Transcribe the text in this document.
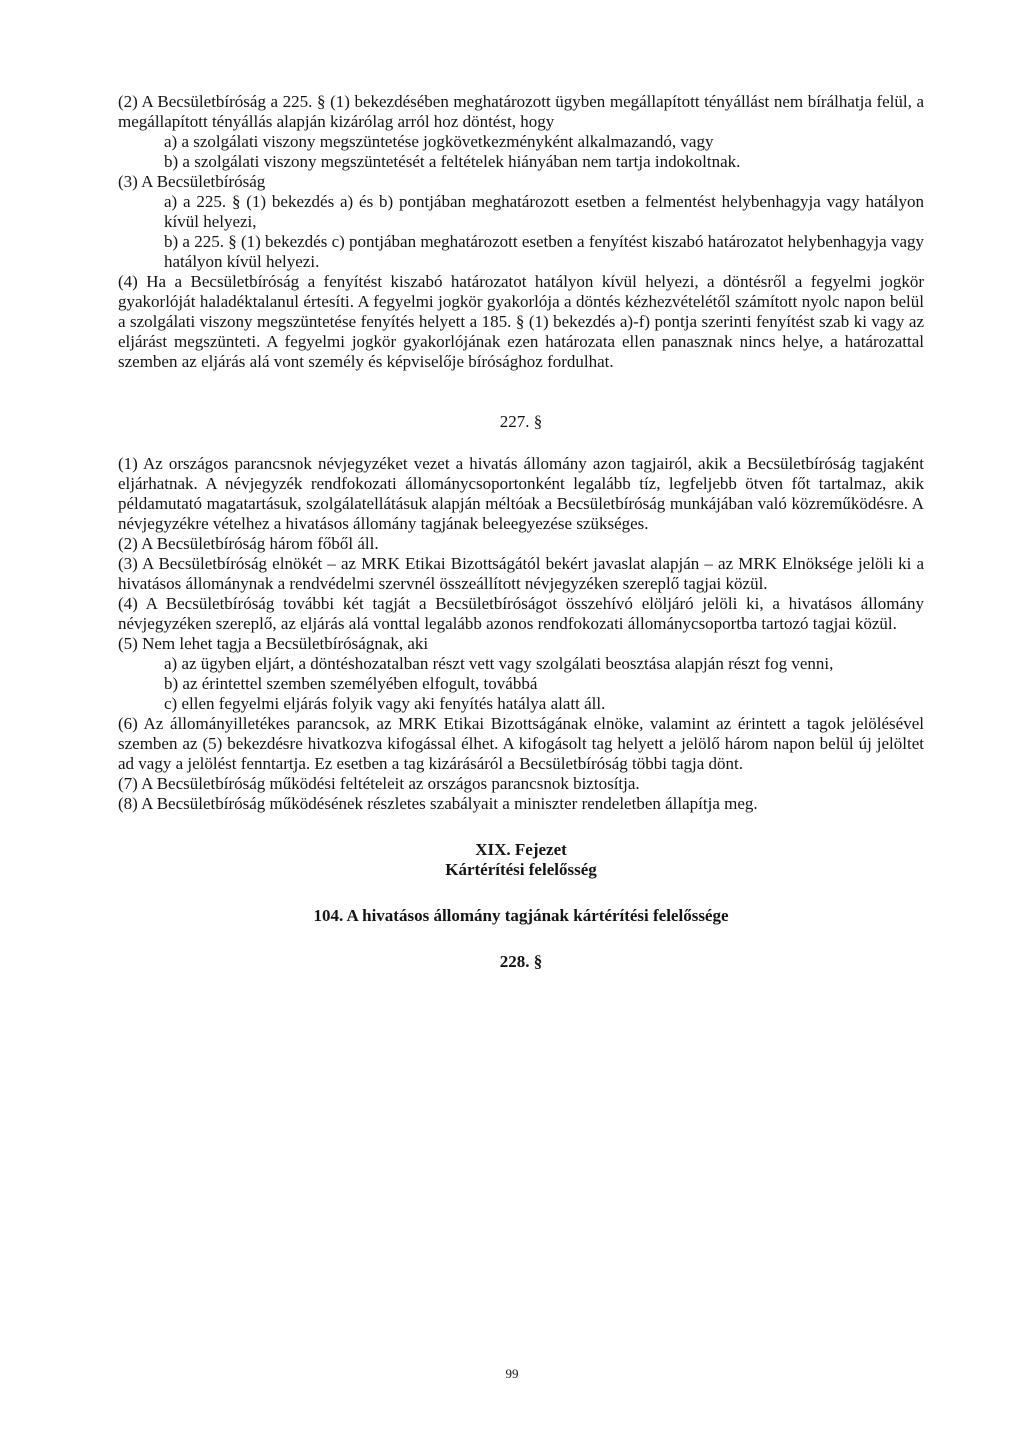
(2) A Becsületbíróság a 225. § (1) bekezdésében meghatározott ügyben megállapított tényállást nem bírálhatja felül, a megállapított tényállás alapján kizárólag arról hoz döntést, hogy

a) a szolgálati viszony megszüntetése jogkövetkezményként alkalmazandó, vagy

b) a szolgálati viszony megszüntetését a feltételek hiányában nem tartja indokoltnak.

(3) A Becsületbíróság

a) a 225. § (1) bekezdés a) és b) pontjában meghatározott esetben a felmentést helybenhagyja vagy hatályon kívül helyezi,

b) a 225. § (1) bekezdés c) pontjában meghatározott esetben a fenyítést kiszabó határozatot helybenhagyja vagy hatályon kívül helyezi.

(4) Ha a Becsületbíróság a fenyítést kiszabó határozatot hatályon kívül helyezi, a döntésről a fegyelmi jogkör gyakorlóját haladéktalanul értesíti. A fegyelmi jogkör gyakorlója a döntés kézhezvételétől számított nyolc napon belül a szolgálati viszony megszüntetése fenyítés helyett a 185. § (1) bekezdés a)-f) pontja szerinti fenyítést szab ki vagy az eljárást megszünteti. A fegyelmi jogkör gyakorlójának ezen határozata ellen panasznak nincs helye, a határozattal szemben az eljárás alá vont személy és képviselője bírósághoz fordulhat.

227. §

(1) Az országos parancsnok névjegyzéket vezet a hivatás állomány azon tagjairól, akik a Becsületbíróság tagjaként eljárhatnak. A névjegyzék rendfokozati állománycsoportonként legalább tíz, legfeljebb ötven főt tartalmaz, akik példamutató magatartásuk, szolgálatellátásuk alapján méltóak a Becsületbíróság munkájában való közreműködésre. A névjegyzékre vételhez a hivatásos állomány tagjának beleegyezése szükséges.

(2) A Becsületbíróság három főből áll.

(3) A Becsületbíróság elnökét – az MRK Etikai Bizottságától bekért javaslat alapján – az MRK Elnöksége jelöli ki a hivatásos állománynak a rendvédelmi szervnél összeállított névjegyzéken szereplő tagjai közül.

(4) A Becsületbíróság további két tagját a Becsületbíróságot összehívó elöljáró jelöli ki, a hivatásos állomány névjegyzéken szereplő, az eljárás alá vonttal legalább azonos rendfokozati állománycsoportba tartozó tagjai közül.

(5) Nem lehet tagja a Becsületbíróságnak, aki

a) az ügyben eljárt, a döntéshozatalban részt vett vagy szolgálati beosztása alapján részt fog venni,

b) az érintettel szemben személyében elfogult, továbbá

c) ellen fegyelmi eljárás folyik vagy aki fenyítés hatálya alatt áll.

(6) Az állományilletékes parancsok, az MRK Etikai Bizottságának elnöke, valamint az érintett a tagok jelölésével szemben az (5) bekezdésre hivatkozva kifogással élhet. A kifogásolt tag helyett a jelölő három napon belül új jelöltet ad vagy a jelölést fenntartja. Ez esetben a tag kizárásáról a Becsületbíróság többi tagja dönt.

(7) A Becsületbíróság működési feltételeit az országos parancsnok biztosítja.

(8) A Becsületbíróság működésének részletes szabályait a miniszter rendeletben állapítja meg.

XIX. Fejezet

Kártérítési felelősség

104. A hivatásos állomány tagjának kártérítési felelőssége

228. §

99
